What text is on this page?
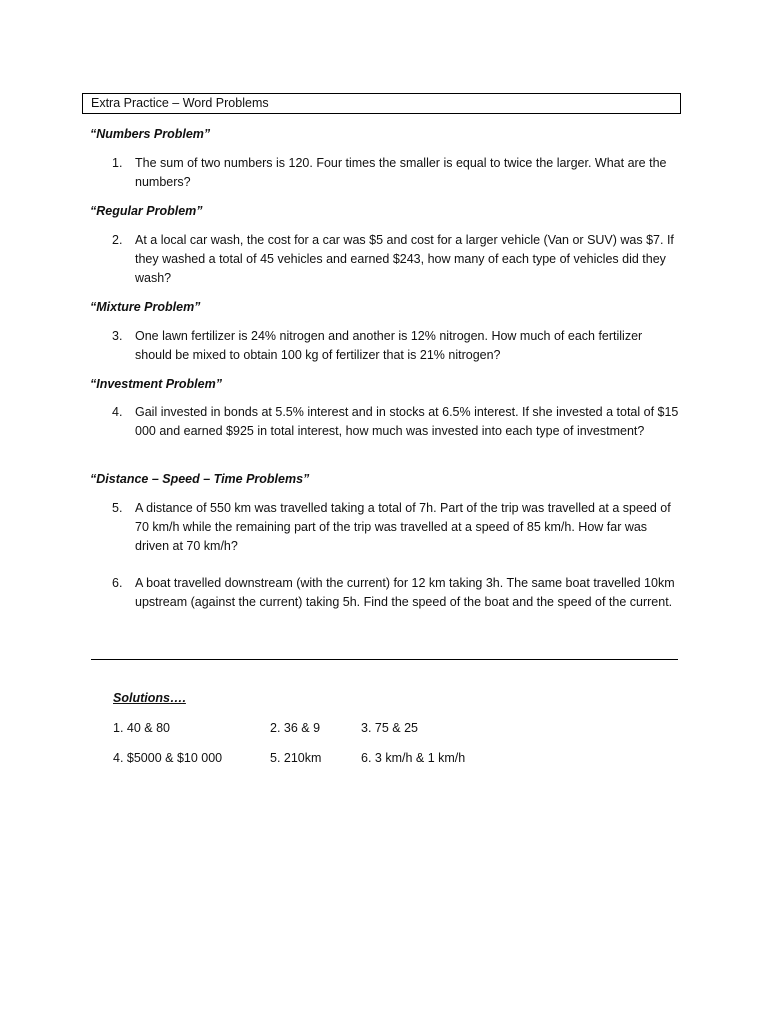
Extra Practice – Word Problems
“Numbers Problem”
1. The sum of two numbers is 120. Four times the smaller is equal to twice the larger. What are the numbers?
“Regular Problem”
2. At a local car wash, the cost for a car was $5 and cost for a larger vehicle (Van or SUV) was $7. If they washed a total of 45 vehicles and earned $243, how many of each type of vehicles did they wash?
“Mixture Problem”
3. One lawn fertilizer is 24% nitrogen and another is 12% nitrogen. How much of each fertilizer should be mixed to obtain 100 kg of fertilizer that is 21% nitrogen?
“Investment Problem”
4. Gail invested in bonds at 5.5% interest and in stocks at 6.5% interest. If she invested a total of $15 000 and earned $925 in total interest, how much was invested into each type of investment?
“Distance – Speed – Time Problems”
5. A distance of 550 km was travelled taking a total of 7h. Part of the trip was travelled at a speed of 70 km/h while the remaining part of the trip was travelled at a speed of 85 km/h. How far was driven at 70 km/h?
6. A boat travelled downstream (with the current) for 12 km taking 3h. The same boat travelled 10km upstream (against the current) taking 5h. Find the speed of the boat and the speed of the current.
Solutions….
1. 40 & 80	2. 36 & 9	3. 75 & 25
4. $5000 & $10 000	5. 210km	6. 3 km/h & 1 km/h
